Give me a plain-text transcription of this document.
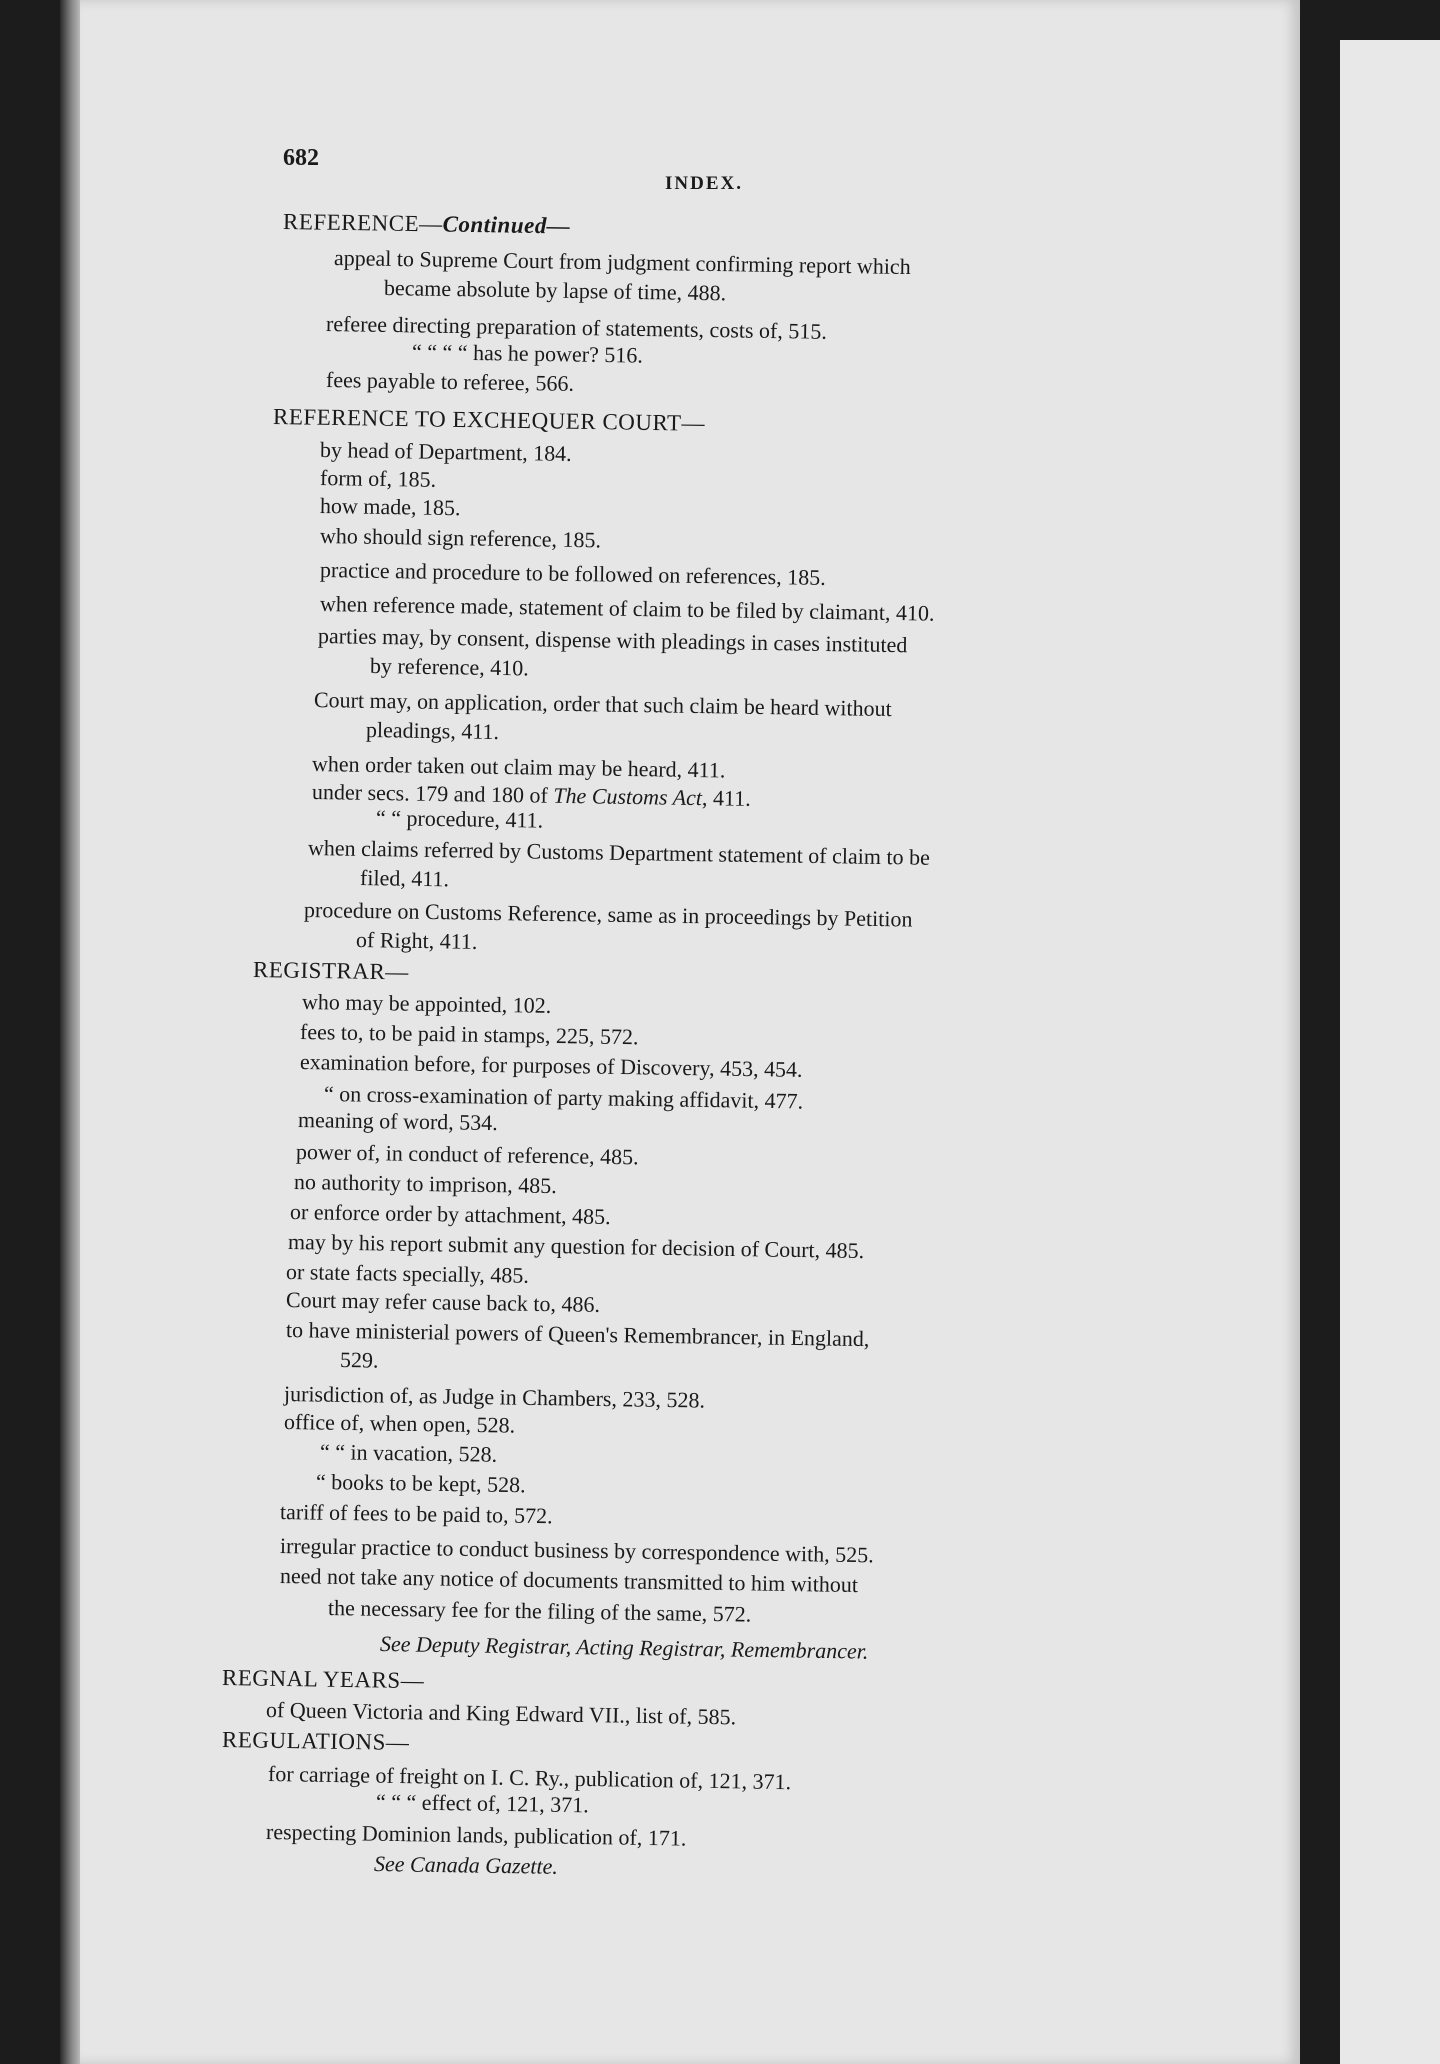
682
INDEX.
REFERENCE—Continued—
appeal to Supreme Court from judgment confirming report which
became absolute by lapse of time, 488.
referee directing preparation of statements, costs of, 515.
“ “ “ “ has he power? 516.
fees payable to referee, 566.
REFERENCE TO EXCHEQUER COURT—
by head of Department, 184.
form of, 185.
how made, 185.
who should sign reference, 185.
practice and procedure to be followed on references, 185.
when reference made, statement of claim to be filed by claimant, 410.
parties may, by consent, dispense with pleadings in cases instituted
by reference, 410.
Court may, on application, order that such claim be heard without
pleadings, 411.
when order taken out claim may be heard, 411.
under secs. 179 and 180 of The Customs Act, 411.
“ “ procedure, 411.
when claims referred by Customs Department statement of claim to be
filed, 411.
procedure on Customs Reference, same as in proceedings by Petition
of Right, 411.
REGISTRAR—
who may be appointed, 102.
fees to, to be paid in stamps, 225, 572.
examination before, for purposes of Discovery, 453, 454.
“ on cross-examination of party making affidavit, 477.
meaning of word, 534.
power of, in conduct of reference, 485.
no authority to imprison, 485.
or enforce order by attachment, 485.
may by his report submit any question for decision of Court, 485.
or state facts specially, 485.
Court may refer cause back to, 486.
to have ministerial powers of Queen's Remembrancer, in England,
529.
jurisdiction of, as Judge in Chambers, 233, 528.
office of, when open, 528.
“ “ in vacation, 528.
“ books to be kept, 528.
tariff of fees to be paid to, 572.
irregular practice to conduct business by correspondence with, 525.
need not take any notice of documents transmitted to him without
the necessary fee for the filing of the same, 572.
See Deputy Registrar, Acting Registrar, Remembrancer.
REGNAL YEARS—
of Queen Victoria and King Edward VII., list of, 585.
REGULATIONS—
for carriage of freight on I. C. Ry., publication of, 121, 371.
“ “ “ effect of, 121, 371.
respecting Dominion lands, publication of, 171.
See Canada Gazette.
